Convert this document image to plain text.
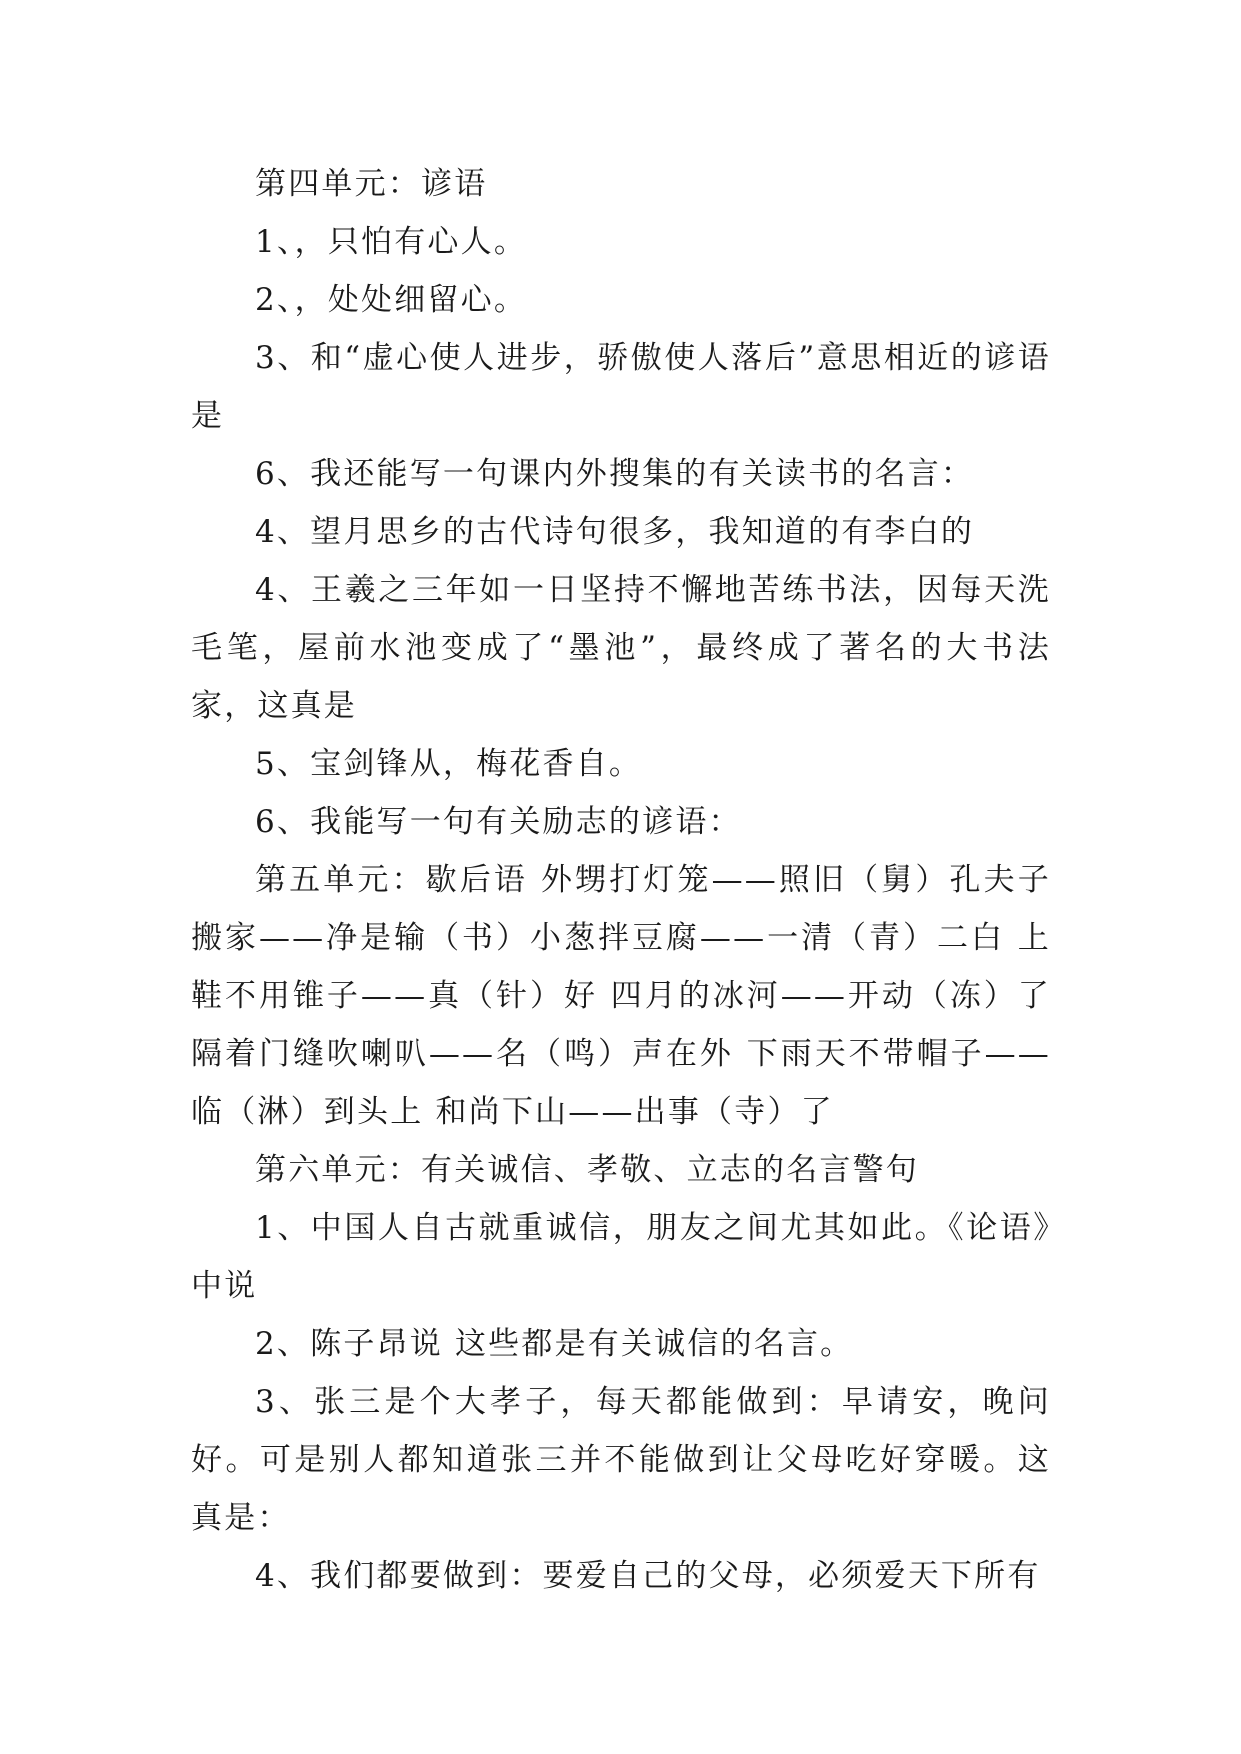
第四单元：谚语

1、，只怕有心人。

2、，处处细留心。

3、和“虚心使人进步，骄傲使人落后”意思相近的谚语是

6、我还能写一句课内外搜集的有关读书的名言：

4、望月思乡的古代诗句很多，我知道的有李白的

4、王羲之三年如一日坚持不懈地苦练书法，因每天洗毛笔，屋前水池变成了“墨池”，最终成了著名的大书法家，这真是

5、宝剑锋从，梅花香自。

6、我能写一句有关励志的谚语：

第五单元：歇后语 外甥打灯笼——照旧（舅）孔夫子搬家——净是输（书）小葱拌豆腐——一清（青）二白 上鞋不用锥子——真（针）好 四月的冰河——开动（冻）了 隔着门缝吹喇叭——名（鸣）声在外 下雨天不带帽子——临（淋）到头上 和尚下山——出事（寺）了

第六单元：有关诚信、孝敬、立志的名言警句

1、中国人自古就重诚信，朋友之间尤其如此。《论语》中说

2、陈子昂说 这些都是有关诚信的名言。

3、张三是个大孝子，每天都能做到：早请安，晚问好。可是别人都知道张三并不能做到让父母吃好穿暖。这真是：

4、我们都要做到：要爱自己的父母，必须爱天下所有
